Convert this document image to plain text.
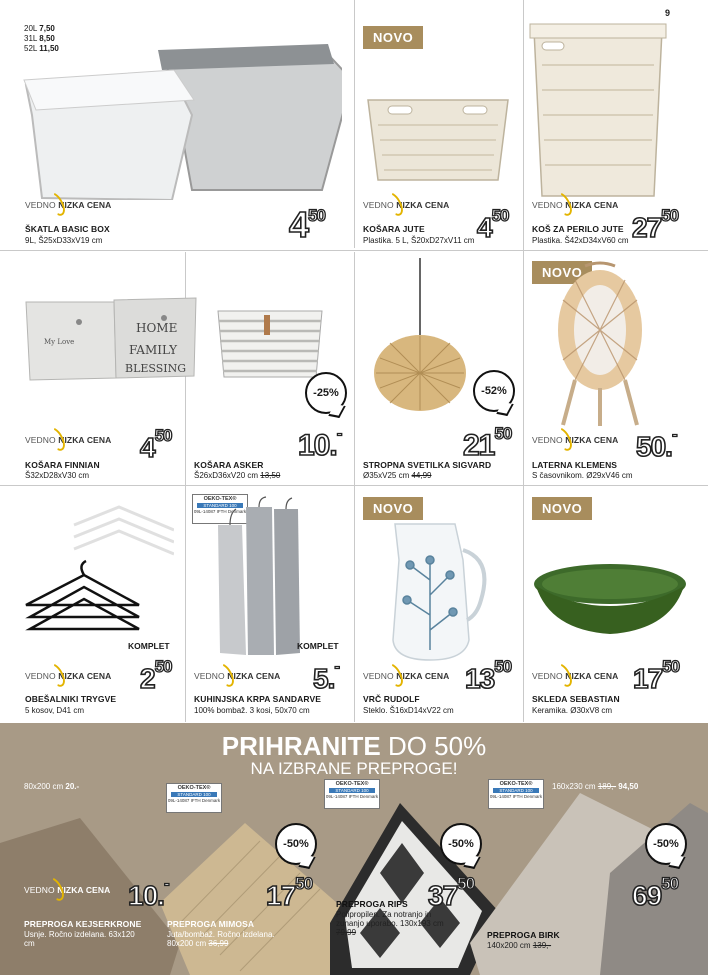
9
20L 7,50
31L 8,50
52L 11,50
VEDNO NIZKA CENA	$4^{50}$
ŠKATLA BASIC BOX
9L, Š25xD33xV19 cm
NOVO
VEDNO NIZKA CENA
$4^{50}$
KOŠARA JUTE
Plastika. 5 L, Š20xD27xV11 cm
VEDNO NIZKA CENA
$27^{50}$
KOŠ ZA PERILO JUTE
Plastika. Š42xD34xV60 cm
My Love
HOME
FAMILY
BLESSING
VEDNO NIZKA CENA $4^{50}$
KOŠARA FINNIAN
Š32xD28xV30 cm
-25%
10.-
KOŠARA ASKER
Š26xD36xV20 cm 13,50
-52%
$21^{50}$
STROPNA SVETILKA SIGVARD
Ø35xV25 cm 44,99
NOVO
VEDNO NIZKA CENA 50.-
LATERNA KLEMENS
S časovnikom. Ø29xV46 cm
KOMPLET
VEDNO NIZKA CENA $2^{50}$
OBEŠALNIKI TRYGVE
5 kosov, D41 cm
OEKO-TEX®
STANDARD 100
09L-14087 IFTH Denmark
KOMPLET
VEDNO NIZKA CENA 5.-
KUHINJSKA KRPA SANDARVE
100% bombaž. 3 kosi, 50x70 cm
NOVO
VEDNO NIZKA CENA $13^{50}$
VRČ RUDOLF
Steklo. Š16xD14xV22 cm
NOVO
VEDNO NIZKA CENA $17^{50}$
SKLEDA SEBASTIAN
Keramika. Ø30xV8 cm
PRIHRANITE DO 50%
NA IZBRANE PREPROGE!
80x200 cm 20.-	160x230 cm 189,- 94,50
OEKO-TEX®
STANDARD 100
09L-14087 IFTH Denmark
OEKO-TEX®
STANDARD 100
09L-14087 IFTH Denmark
OEKO-TEX®
STANDARD 100
09L-14087 IFTH Denmark
-50%	-50%	-50%
VEDNO NIZKA CENA 10.-	$17^{50}$	$37^{50}$	$69^{50}$
PREPROGA KEJSERKRONE
Usnje. Ročno izdelana. 63x120 cm
PREPROGA MIMOSA
Juta/bombaž. Ročno izdelana. 80x200 cm 36,99
PREPROGA RIPS
Polipropilen. Za notranjo in zunanjo uporabo. 130x193 cm 79,99	PREPROGA BIRK
140x200 cm 139,-
